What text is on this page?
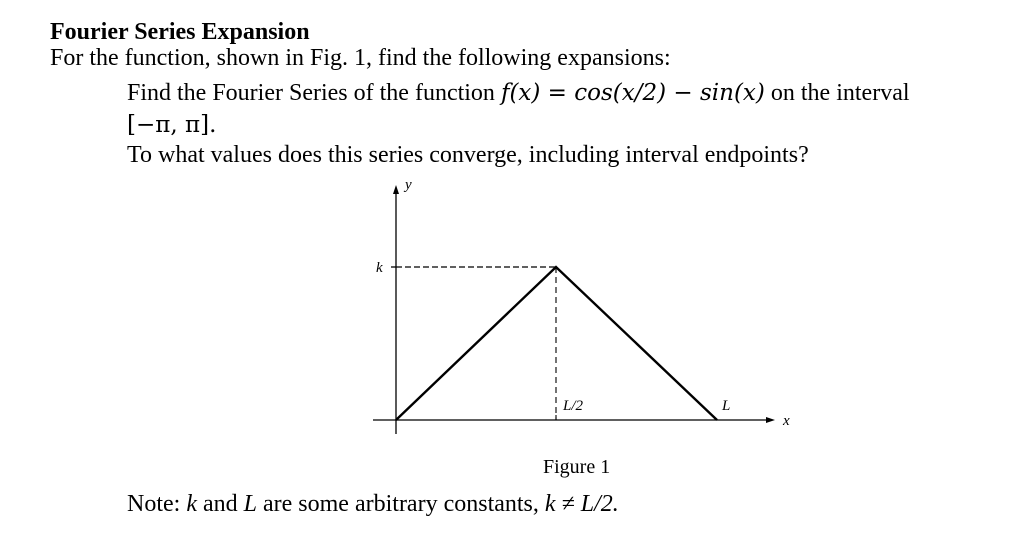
Fourier Series Expansion
For the function, shown in Fig. 1, find the following expansions:
Find the Fourier Series of the function f(x) = cos(x/2) − sin(x) on the interval
[−π, π].
To what values does this series converge, including interval endpoints?
y
k
L/2	L
x
Figure 1
Note: k and L are some arbitrary constants, k ≠ L/2.
